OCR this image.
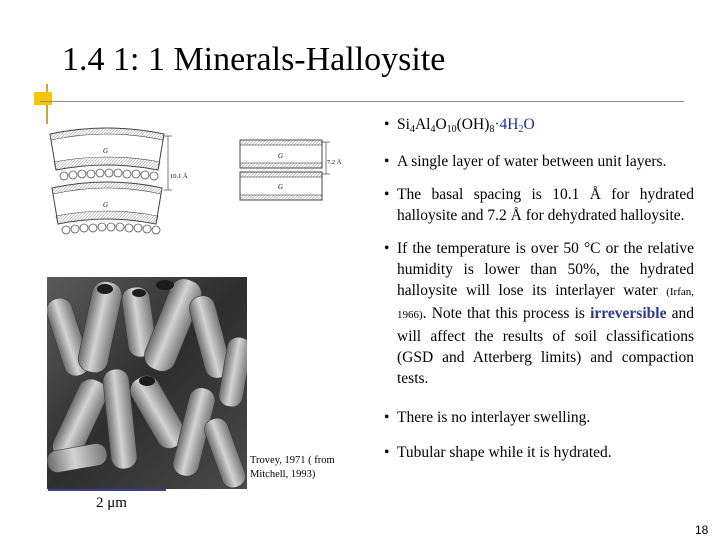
1.4 1: 1 Minerals-Halloysite
G
G
10.1 Å
G
G
7.2 Å
2 μm
Trovey, 1971 ( from Mitchell, 1993)
• $Si_4Al_4O_{10}(OH)_8\cdot 4H_2O$
• A single layer of water between unit layers.
• The basal spacing is 10.1 Å for hydrated halloysite and 7.2 Å for dehydrated halloysite.
• If the temperature is over 50 °C or the relative humidity is lower than 50%, the hydrated halloysite will lose its interlayer water (Irfan, 1966). Note that this process is irreversible and will affect the results of soil classifications (GSD and Atterberg limits) and compaction tests.
• There is no interlayer swelling.
• Tubular shape while it is hydrated.
18
